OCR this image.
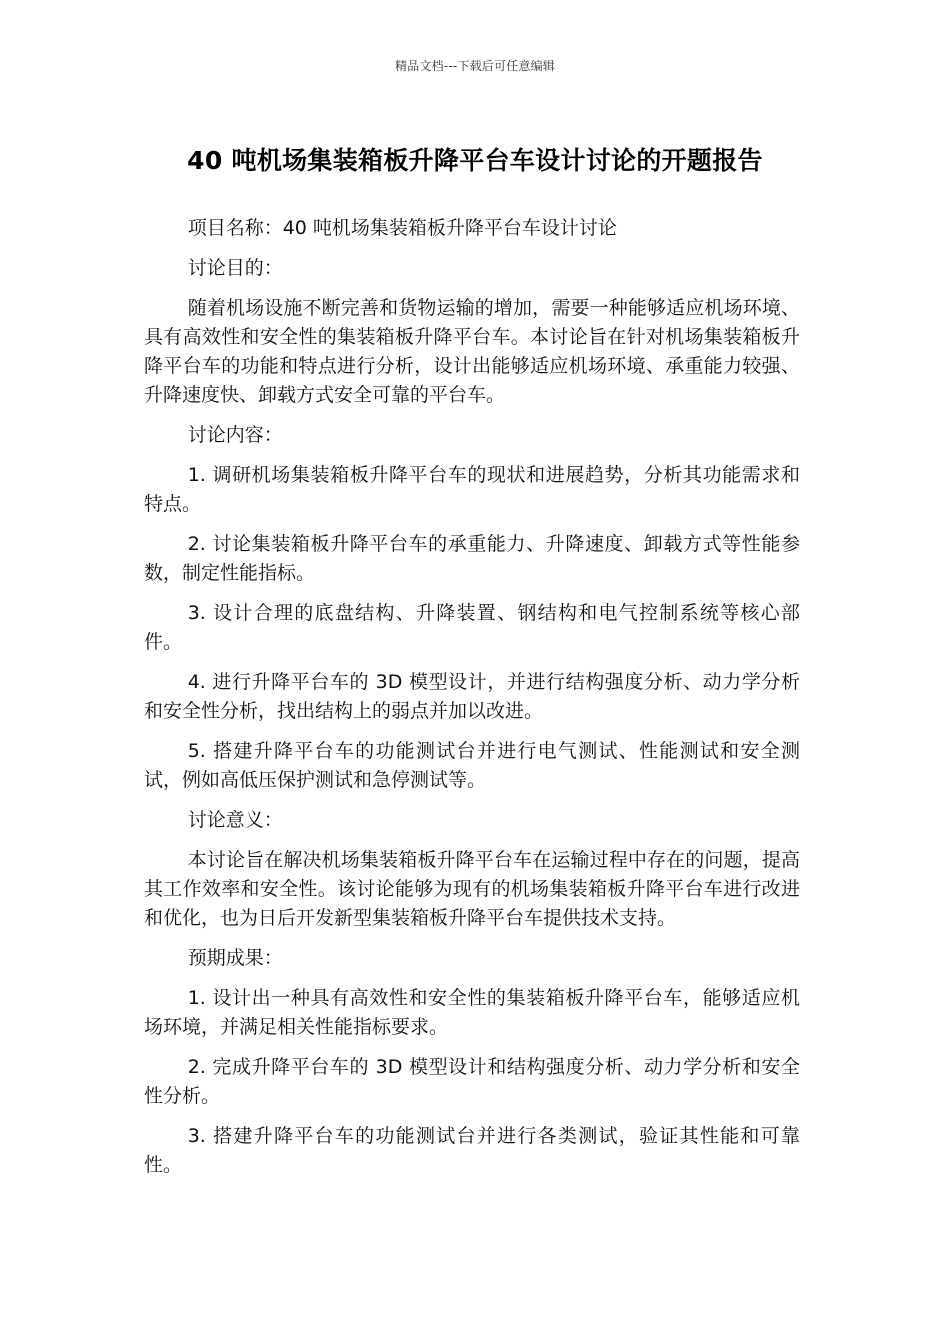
精品文档---下载后可任意编辑
40 吨机场集装箱板升降平台车设计讨论的开题报告

项目名称：40 吨机场集装箱板升降平台车设计讨论

讨论目的：

随着机场设施不断完善和货物运输的增加，需要一种能够适应机场环境、具有高效性和安全性的集装箱板升降平台车。本讨论旨在针对机场集装箱板升降平台车的功能和特点进行分析，设计出能够适应机场环境、承重能力较强、升降速度快、卸载方式安全可靠的平台车。

讨论内容：

1. 调研机场集装箱板升降平台车的现状和进展趋势，分析其功能需求和特点。

2. 讨论集装箱板升降平台车的承重能力、升降速度、卸载方式等性能参数，制定性能指标。

3. 设计合理的底盘结构、升降装置、钢结构和电气控制系统等核心部件。

4. 进行升降平台车的 3D 模型设计，并进行结构强度分析、动力学分析和安全性分析，找出结构上的弱点并加以改进。

5. 搭建升降平台车的功能测试台并进行电气测试、性能测试和安全测试，例如高低压保护测试和急停测试等。

讨论意义：

本讨论旨在解决机场集装箱板升降平台车在运输过程中存在的问题，提高其工作效率和安全性。该讨论能够为现有的机场集装箱板升降平台车进行改进和优化，也为日后开发新型集装箱板升降平台车提供技术支持。

预期成果：

1. 设计出一种具有高效性和安全性的集装箱板升降平台车，能够适应机场环境，并满足相关性能指标要求。

2. 完成升降平台车的 3D 模型设计和结构强度分析、动力学分析和安全性分析。

3. 搭建升降平台车的功能测试台并进行各类测试，验证其性能和可靠性。
